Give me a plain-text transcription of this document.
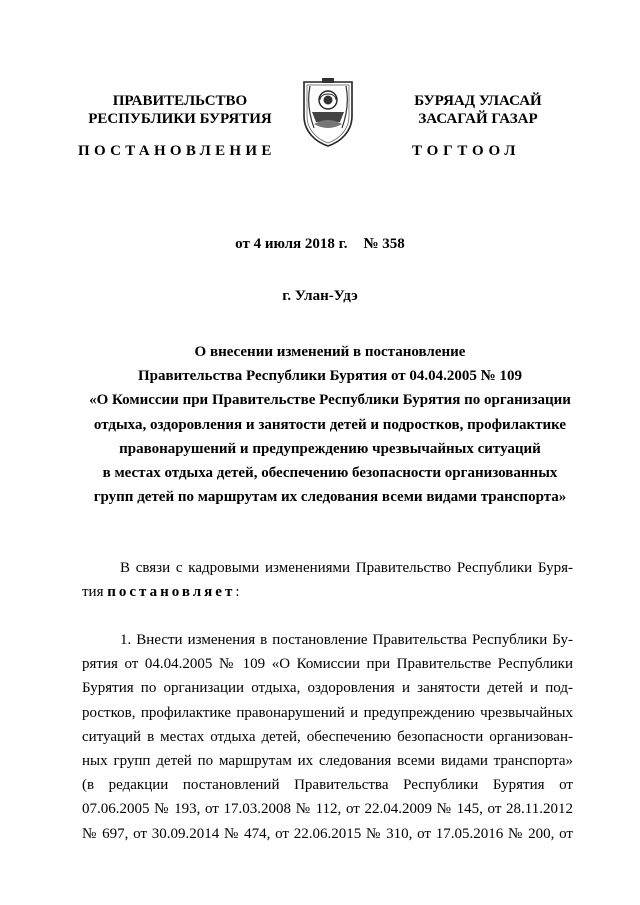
ПРАВИТЕЛЬСТВО
РЕСПУБЛИКИ БУРЯТИЯ
ПОСТАНОВЛЕНИЕ
БУРЯАД УЛАСАЙ
ЗАСАГАЙ ГАЗАР
ТОГТООЛ
от 4 июля 2018 г. № 358
г. Улан-Удэ
О внесении изменений в постановление
Правительства Республики Бурятия от 04.04.2005 № 109
«О Комиссии при Правительстве Республики Бурятия по организации
отдыха, оздоровления и занятости детей и подростков, профилактике
правонарушений и предупреждению чрезвычайных ситуаций
в местах отдыха детей, обеспечению безопасности организованных
групп детей по маршрутам их следования всеми видами транспорта»
В связи с кадровыми изменениями Правительство Республики Буря-
тия постановляет:
1. Внести изменения в постановление Правительства Республики Бу-
рятия от 04.04.2005 № 109 «О Комиссии при Правительстве Республики
Бурятия по организации отдыха, оздоровления и занятости детей и под-
ростков, профилактике правонарушений и предупреждению чрезвычайных
ситуаций в местах отдыха детей, обеспечению безопасности организован-
ных групп детей по маршрутам их следования всеми видами транспорта»
(в редакции постановлений Правительства Республики Бурятия от
07.06.2005 № 193, от 17.03.2008 № 112, от 22.04.2009 № 145, от 28.11.2012
№ 697, от 30.09.2014 № 474, от 22.06.2015 № 310, от 17.05.2016 № 200, от
